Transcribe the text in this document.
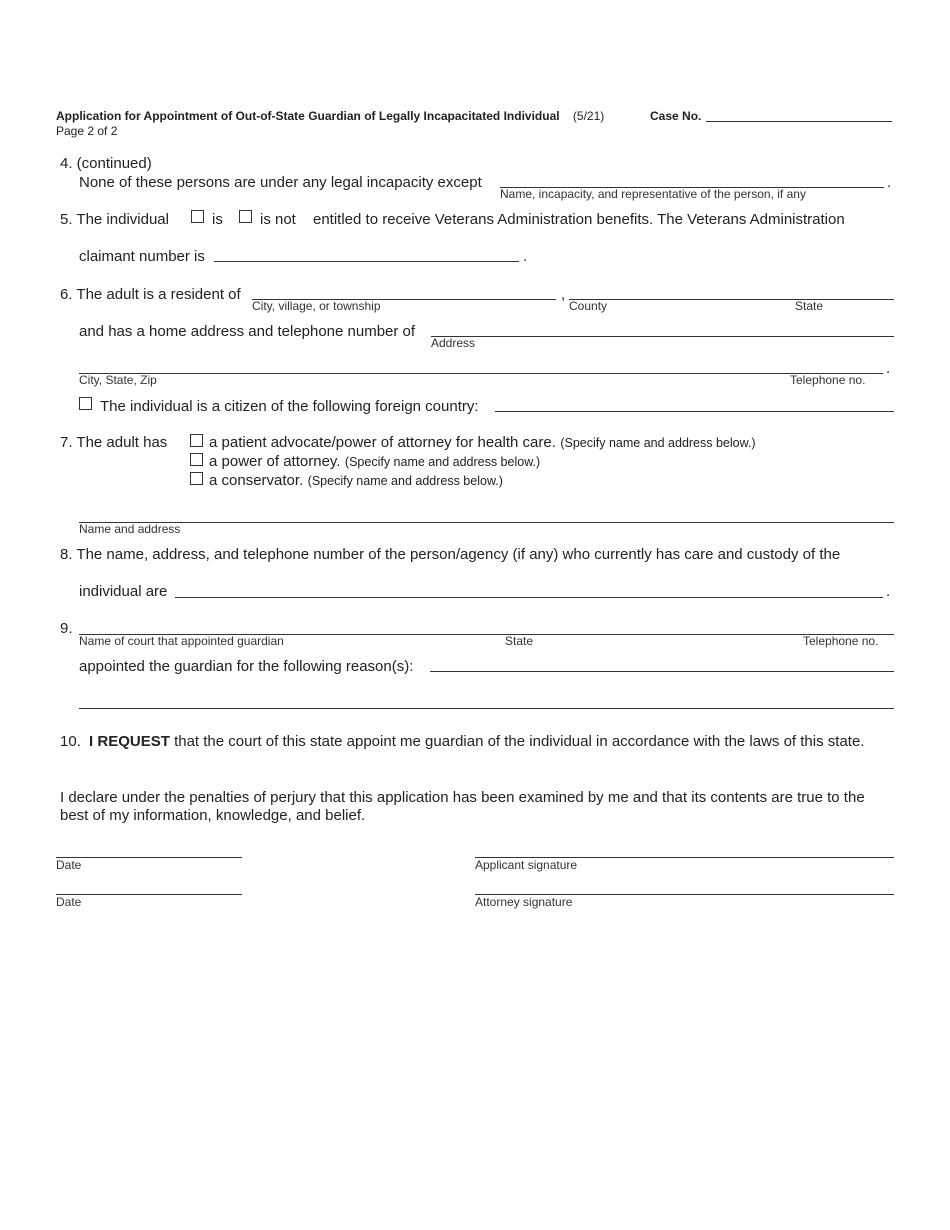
Application for Appointment of Out-of-State Guardian of Legally Incapacitated Individual (5/21)	Case No.
Page 2 of 2
4. (continued)
None of these persons are under any legal incapacity except
Name, incapacity, and representative of the person, if any
.
5. The individual	is is not entitled to receive Veterans Administration benefits. The Veterans Administration
claimant number is	.
6. The adult is a resident of
City, village, or township
,
County	State
and has a home address and telephone number of
Address
City, State, Zip	Telephone no.
.
The individual is a citizen of the following foreign country:
7. The adult has	a patient advocate/power of attorney for health care. (Specify name and address below.)
a power of attorney. (Specify name and address below.)
a conservator. (Specify name and address below.)
Name and address
8. The name, address, and telephone number of the person/agency (if any) who currently has care and custody of the
individual are	.
9.
Name of court that appointed guardian	State	Telephone no.
appointed the guardian for the following reason(s):
10. I REQUEST that the court of this state appoint me guardian of the individual in accordance with the laws of this state.
I declare under the penalties of perjury that this application has been examined by me and that its contents are true to the
best of my information, knowledge, and belief.
Date	Applicant signature
Date	Attorney signature
